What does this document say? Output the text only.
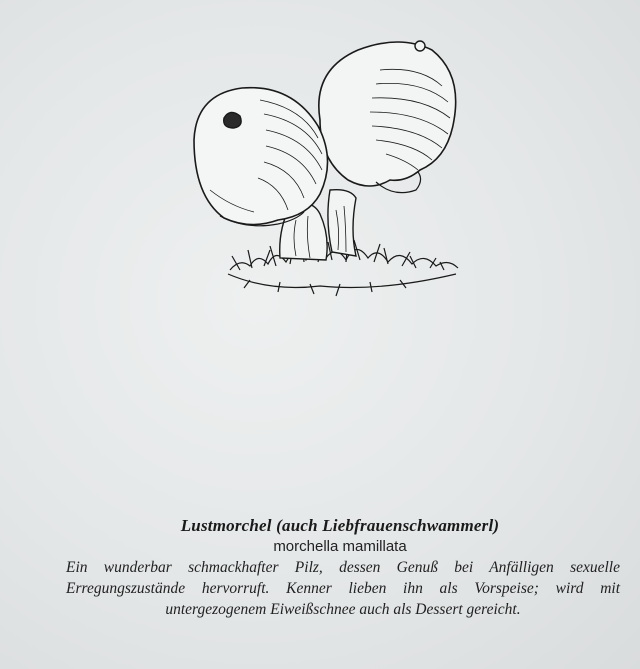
Lustmorchel (auch Liebfrauenschwammerl)

morchella mamillata

Ein wunderbar schmackhafter Pilz, dessen Genuß bei Anfälligen sexuelle Erregungszustände hervorruft. Kenner lieben ihn als Vorspeise; wird mit untergezogenem Eiweißschnee auch als Dessert gereicht.
